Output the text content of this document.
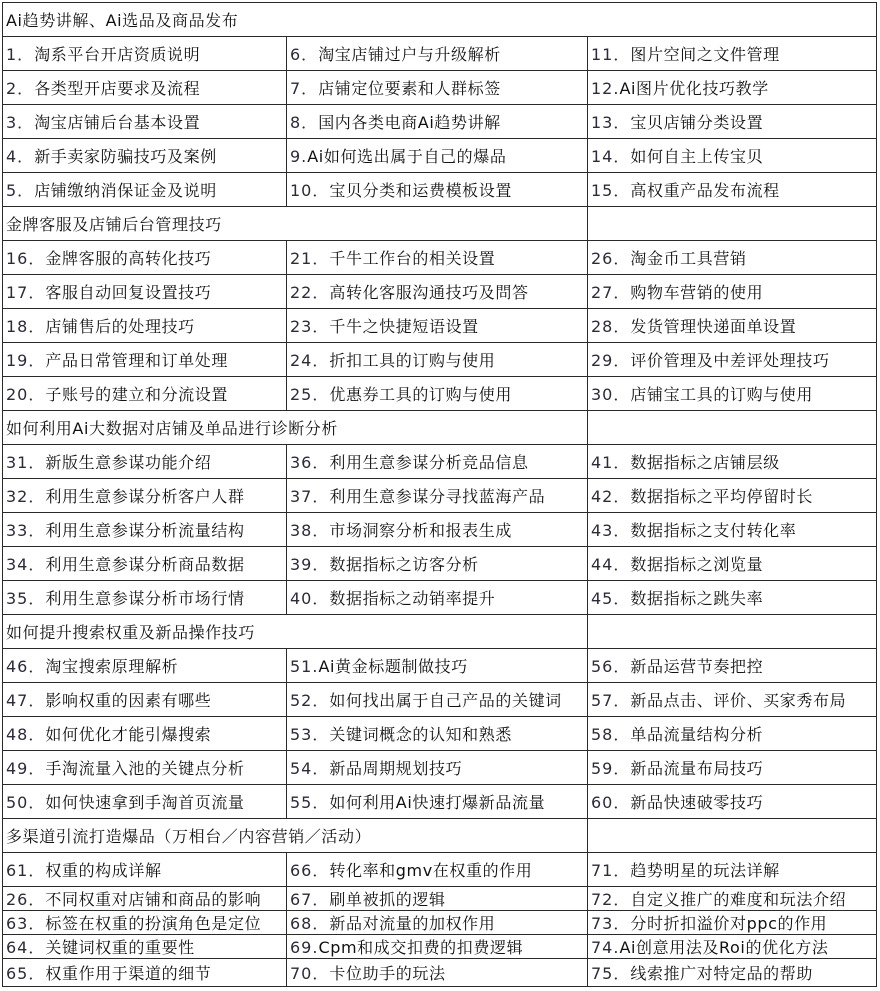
Ai趋势讲解、Ai选品及商品发布		
1．淘系平台开店资质说明	6．淘宝店铺过户与升级解析	11．图片空间之文件管理
2．各类型开店要求及流程	7．店铺定位要素和人群标签	12.Ai图片优化技巧教学
3．淘宝店铺后台基本设置	8．国内各类电商Ai趋势讲解	13．宝贝店铺分类设置
4．新手卖家防骗技巧及案例	9.Ai如何选出属于自己的爆品	14．如何自主上传宝贝
5．店铺缴纳消保证金及说明	10．宝贝分类和运费模板设置	15．高权重产品发布流程
金牌客服及店铺后台管理技巧		
16．金牌客服的高转化技巧	21．千牛工作台的相关设置	26．淘金币工具营销
17．客服自动回复设置技巧	22．高转化客服沟通技巧及問答	27．购物车营销的使用
18．店铺售后的处理技巧	23．千牛之快捷短语设置	28．发货管理快递面单设置
19．产品日常管理和订单处理	24．折扣工具的订购与使用	29．评价管理及中差评处理技巧
20．子账号的建立和分流设置	25．优惠券工具的订购与使用	30．店铺宝工具的订购与使用
如何利用Ai大数据对店铺及单品进行诊断分析		
31．新版生意参谋功能介绍	36．利用生意参谋分析竞品信息	41．数据指标之店铺层级
32．利用生意参谋分析客户人群	37．利用生意参谋分寻找蓝海产品	42．数据指标之平均停留时长
33．利用生意参谋分析流量结构	38．市场洞察分析和报表生成	43．数据指标之支付转化率
34．利用生意参谋分析商品数据	39．数据指标之访客分析	44．数据指标之浏览量
35．利用生意参谋分析市场行情	40．数据指标之动销率提升	45．数据指标之跳失率
如何提升搜索权重及新品操作技巧		
46．淘宝搜索原理解析	51.Ai黄金标题制做技巧	56．新品运营节奏把控
47．影响权重的因素有哪些	52．如何找出属于自己产品的关键词	57．新品点击、评价、买家秀布局
48．如何优化才能引爆搜索	53．关键词概念的认知和熟悉	58．单品流量结构分析
49．手淘流量入池的关键点分析	54．新品周期规划技巧	59．新品流量布局技巧
50．如何快速拿到手淘首页流量	55．如何利用Ai快速打爆新品流量	60．新品快速破零技巧
多渠道引流打造爆品（万相台／内容营销／活动）		
61．权重的构成详解	66．转化率和gmv在权重的作用	71．趋势明星的玩法详解
26．不同权重对店铺和商品的影响	67．刷单被抓的逻辑	72．自定义推广的难度和玩法介绍
63．标签在权重的扮演角色是定位	68．新品对流量的加权作用	73．分时折扣溢价对ppc的作用
64．关键词权重的重要性	69.Cpm和成交扣费的扣费逻辑	74.Ai创意用法及Roi的优化方法
65．权重作用于渠道的细节	70．卡位助手的玩法	75．线索推广对特定品的帮助
